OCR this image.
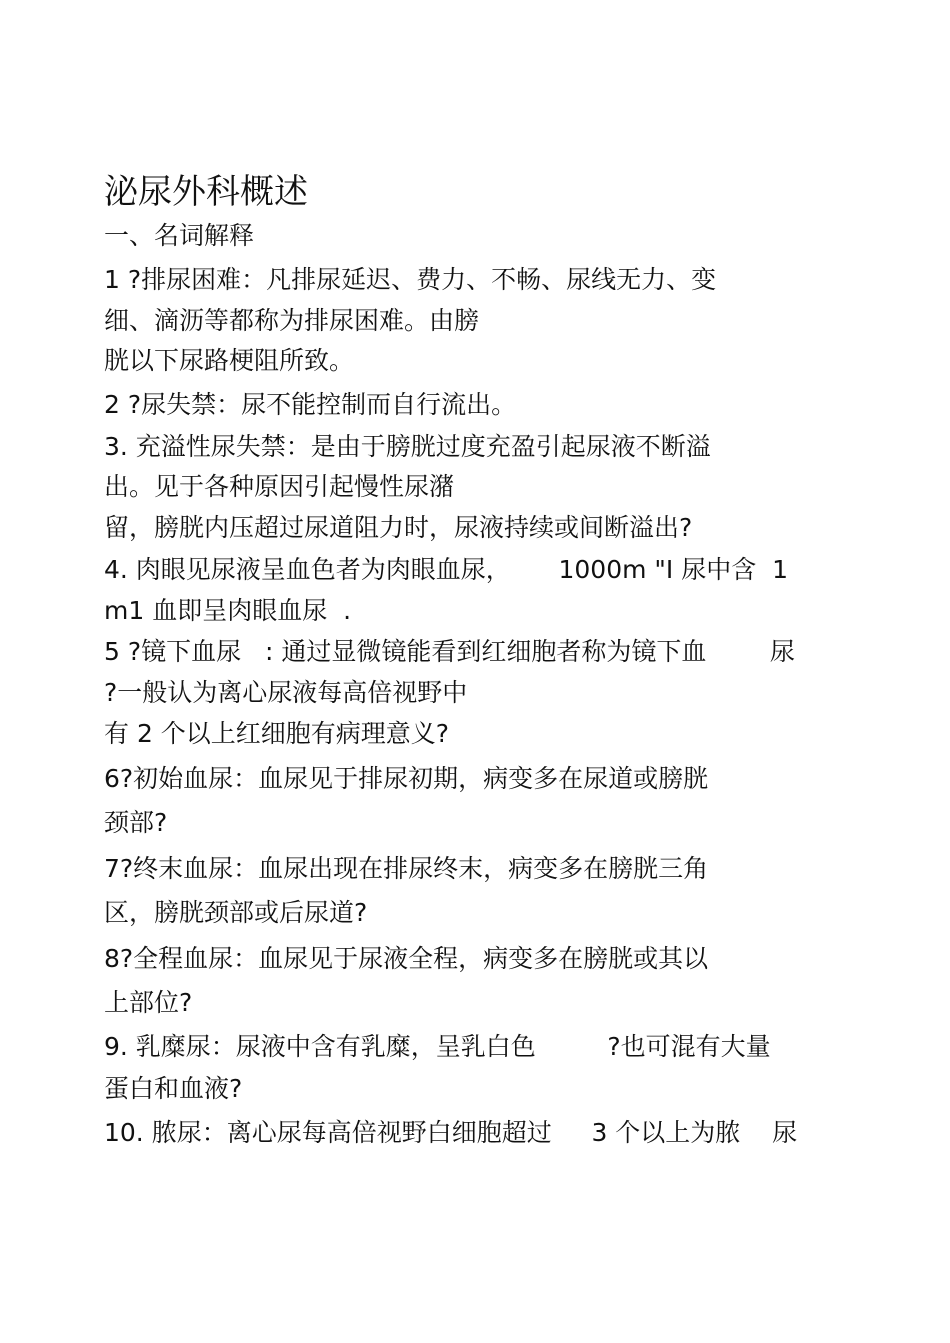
泌尿外科概述
一、名词解释
1 ?排尿困难：凡排尿延迟、费力、不畅、尿线无力、变
细、滴沥等都称为排尿困难。由膀
胱以下尿路梗阻所致。
2 ?尿失禁：尿不能控制而自行流出。
3. 充溢性尿失禁：是由于膀胱过度充盈引起尿液不断溢
出。见于各种原因引起慢性尿潴
留，膀胱内压超过尿道阻力时，尿液持续或间断溢出?
4. 肉眼见尿液呈血色者为肉眼血尿，      1000m "I 尿中含  1
m1 血即呈肉眼血尿  .
5 ?镜下血尿   : 通过显微镜能看到红细胞者称为镜下血        尿
?一般认为离心尿液每高倍视野中
有 2 个以上红细胞有病理意义?
6?初始血尿：血尿见于排尿初期，病变多在尿道或膀胱
颈部?
7?终末血尿：血尿出现在排尿终末，病变多在膀胱三角
区，膀胱颈部或后尿道?
8?全程血尿：血尿见于尿液全程，病变多在膀胱或其以
上部位?
9. 乳糜尿：尿液中含有乳糜，呈乳白色         ?也可混有大量
蛋白和血液?
10. 脓尿：离心尿每高倍视野白细胞超过     3 个以上为脓    尿
